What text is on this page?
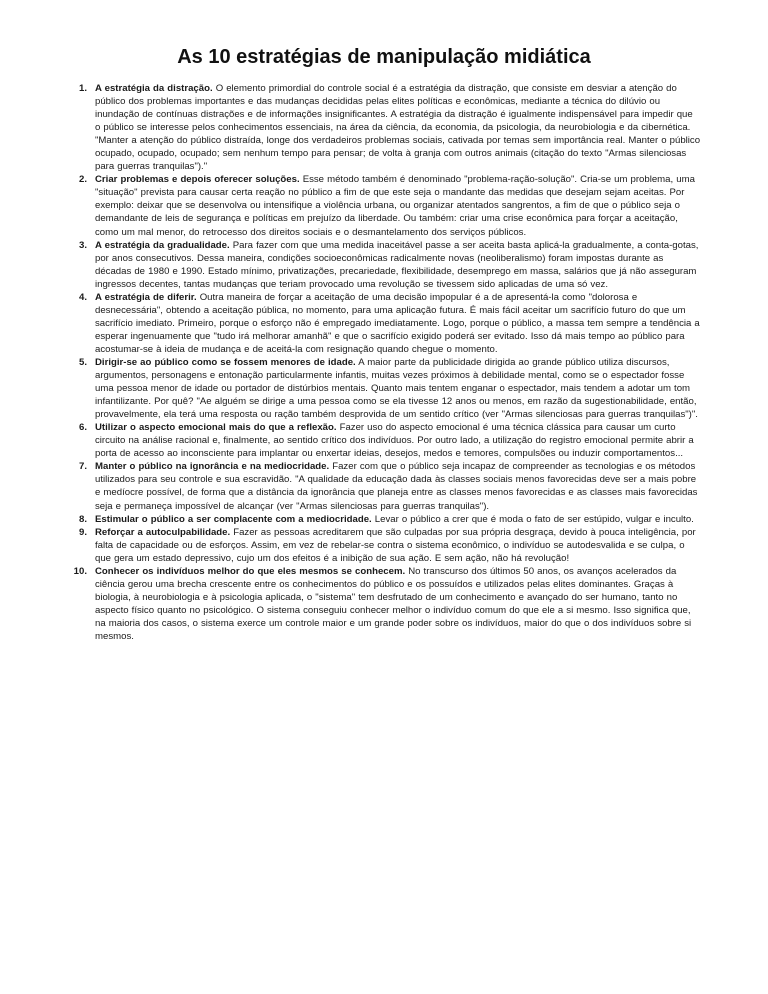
As 10 estratégias de manipulação midiática
1. A estratégia da distração. O elemento primordial do controle social é a estratégia da distração, que consiste em desviar a atenção do público dos problemas importantes e das mudanças decididas pelas elites políticas e econômicas, mediante a técnica do dilúvio ou inundação de contínuas distrações e de informações insignificantes. A estratégia da distração é igualmente indispensável para impedir que o público se interesse pelos conhecimentos essenciais, na área da ciência, da economia, da psicologia, da neurobiologia e da cibernética. "Manter a atenção do público distraída, longe dos verdadeiros problemas sociais, cativada por temas sem importância real. Manter o público ocupado, ocupado, ocupado; sem nenhum tempo para pensar; de volta à granja com outros animais (citação do texto "Armas silenciosas para guerras tranquilas")."
2. Criar problemas e depois oferecer soluções. Esse método também é denominado "problema-ração-solução". Cria-se um problema, uma "situação" prevista para causar certa reação no público a fim de que este seja o mandante das medidas que desejam sejam aceitas. Por exemplo: deixar que se desenvolva ou intensifique a violência urbana, ou organizar atentados sangrentos, a fim de que o público seja o demandante de leis de segurança e políticas em prejuízo da liberdade. Ou também: criar uma crise econômica para forçar a aceitação, como um mal menor, do retrocesso dos direitos sociais e o desmantelamento dos serviços públicos.
3. A estratégia da gradualidade. Para fazer com que uma medida inaceitável passe a ser aceita basta aplicá-la gradualmente, a conta-gotas, por anos consecutivos. Dessa maneira, condições socioeconômicas radicalmente novas (neoliberalismo) foram impostas durante as décadas de 1980 e 1990. Estado mínimo, privatizações, precariedade, flexibilidade, desemprego em massa, salários que já não asseguram ingressos decentes, tantas mudanças que teriam provocado uma revolução se tivessem sido aplicadas de uma só vez.
4. A estratégia de diferir. Outra maneira de forçar a aceitação de uma decisão impopular é a de apresentá-la como "dolorosa e desnecessária", obtendo a aceitação pública, no momento, para uma aplicação futura. É mais fácil aceitar um sacrifício futuro do que um sacrifício imediato. Primeiro, porque o esforço não é empregado imediatamente. Logo, porque o público, a massa tem sempre a tendência a esperar ingenuamente que "tudo irá melhorar amanhã" e que o sacrifício exigido poderá ser evitado. Isso dá mais tempo ao público para acostumar-se à ideia de mudança e de aceitá-la com resignação quando chegue o momento.
5. Dirigir-se ao público como se fossem menores de idade. A maior parte da publicidade dirigida ao grande público utiliza discursos, argumentos, personagens e entonação particularmente infantis, muitas vezes próximos à debilidade mental, como se o espectador fosse uma pessoa menor de idade ou portador de distúrbios mentais. Quanto mais tentem enganar o espectador, mais tendem a adotar um tom infantilizante. Por quê? "Ae alguém se dirige a uma pessoa como se ela tivesse 12 anos ou menos, em razão da sugestionabilidade, então, provavelmente, ela terá uma resposta ou ração também desprovida de um sentido crítico (ver "Armas silenciosas para guerras tranquilas")".
6. Utilizar o aspecto emocional mais do que a reflexão. Fazer uso do aspecto emocional é uma técnica clássica para causar um curto circuito na análise racional e, finalmente, ao sentido crítico dos indivíduos. Por outro lado, a utilização do registro emocional permite abrir a porta de acesso ao inconsciente para implantar ou enxertar ideias, desejos, medos e temores, compulsões ou induzir comportamentos...
7. Manter o público na ignorância e na mediocridade. Fazer com que o público seja incapaz de compreender as tecnologias e os métodos utilizados para seu controle e sua escravidão. "A qualidade da educação dada às classes sociais menos favorecidas deve ser a mais pobre e medíocre possível, de forma que a distância da ignorância que planeja entre as classes menos favorecidas e as classes mais favorecidas seja e permaneça impossível de alcançar (ver "Armas silenciosas para guerras tranquilas").
8. Estimular o público a ser complacente com a mediocridade. Levar o público a crer que é moda o fato de ser estúpido, vulgar e inculto.
9. Reforçar a autoculpabilidade. Fazer as pessoas acreditarem que são culpadas por sua própria desgraça, devido à pouca inteligência, por falta de capacidade ou de esforços. Assim, em vez de rebelar-se contra o sistema econômico, o indivíduo se autodesvalida e se culpa, o que gera um estado depressivo, cujo um dos efeitos é a inibição de sua ação. E sem ação, não há revolução!
10. Conhecer os indivíduos melhor do que eles mesmos se conhecem. No transcurso dos últimos 50 anos, os avanços acelerados da ciência gerou uma brecha crescente entre os conhecimentos do público e os possuídos e utilizados pelas elites dominantes. Graças à biologia, à neurobiologia e à psicologia aplicada, o "sistema" tem desfrutado de um conhecimento e avançado do ser humano, tanto no aspecto físico quanto no psicológico. O sistema conseguiu conhecer melhor o indivíduo comum do que ele a si mesmo. Isso significa que, na maioria dos casos, o sistema exerce um controle maior e um grande poder sobre os indivíduos, maior do que o dos indivíduos sobre si mesmos.
